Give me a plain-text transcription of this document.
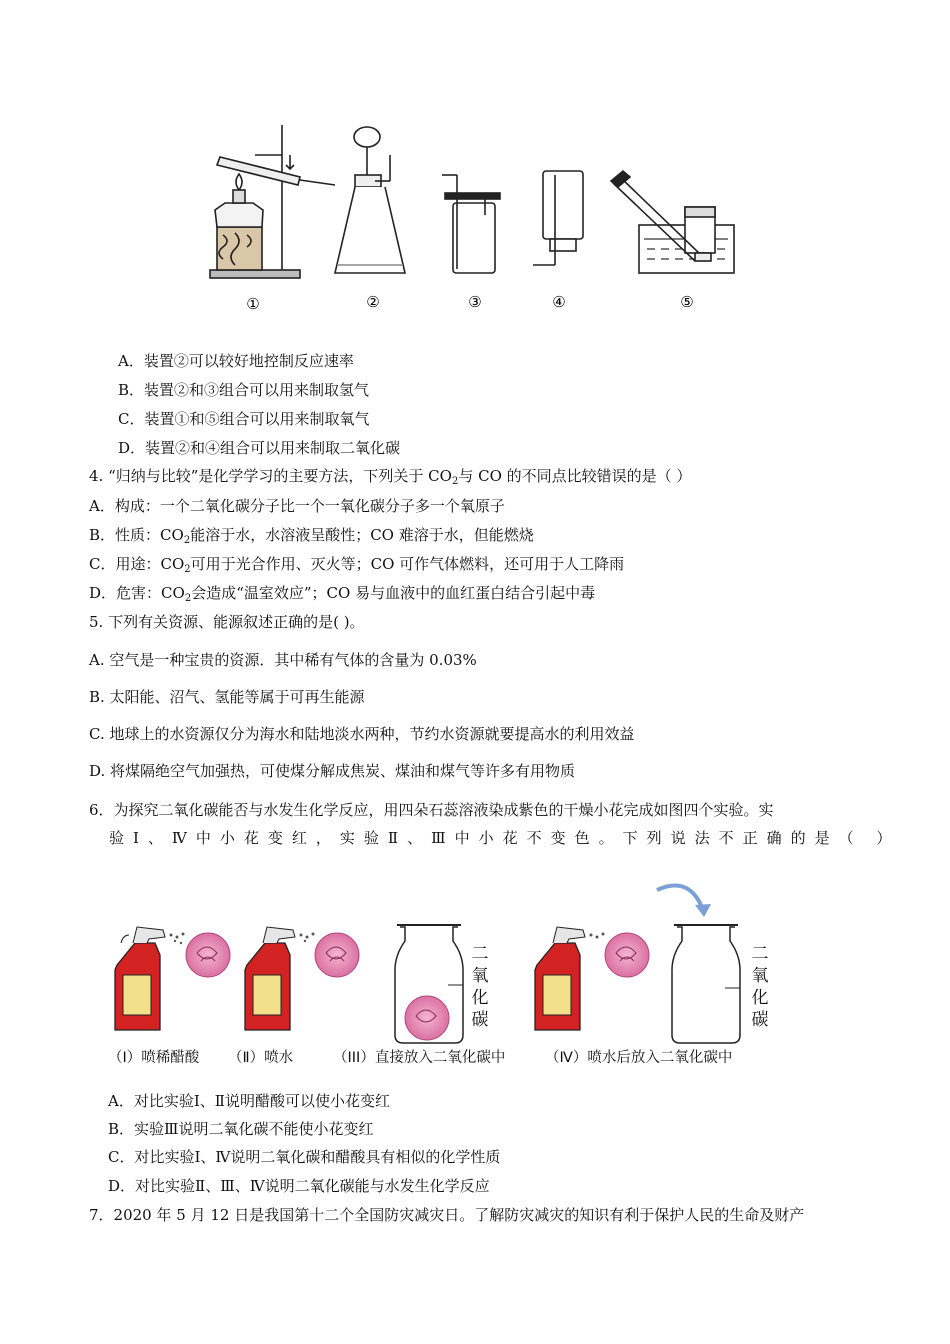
①	②	③	④	⑤
A．装置②可以较好地控制反应速率
B．装置②和③组合可以用来制取氢气
C．装置①和⑤组合可以用来制取氧气
D．装置②和④组合可以用来制取二氧化碳
4. “归纳与比较”是化学学习的主要方法，下列关于 $CO_2$与 CO 的不同点比较错误的是（ ）
A．构成：一个二氧化碳分子比一个一氧化碳分子多一个氧原子
B．性质：$CO_2$能溶于水，水溶液呈酸性；CO 难溶于水，但能燃烧
C．用途：$CO_2$可用于光合作用、灭火等；CO 可作气体燃料，还可用于人工降雨
D．危害：$CO_2$会造成“温室效应”；CO 易与血液中的血红蛋白结合引起中毒
5. 下列有关资源、能源叙述正确的是( )。
A. 空气是一种宝贵的资源．其中稀有气体的含量为 0.03%
B. 太阳能、沼气、氢能等属于可再生能源
C. 地球上的水资源仅分为海水和陆地淡水两种，节约水资源就要提高水的利用效益
D. 将煤隔绝空气加强热，可使煤分解成焦炭、煤油和煤气等许多有用物质
6．为探究二氧化碳能否与水发生化学反应，用四朵石蕊溶液染成紫色的干燥小花完成如图四个实验。实
验Ⅰ、Ⅳ中小花变红，实验Ⅱ、Ⅲ中小花不变色。下列说法不正确的是（ ）
二
氧
化
碳
二
氧
化
碳
（I）喷稀醋酸 （Ⅱ）喷水	（III）直接放入二氧化碳中	（Ⅳ）喷水后放入二氧化碳中
A．对比实验Ⅰ、Ⅱ说明醋酸可以使小花变红
B．实验Ⅲ说明二氧化碳不能使小花变红
C．对比实验Ⅰ、Ⅳ说明二氧化碳和醋酸具有相似的化学性质
D．对比实验Ⅱ、Ⅲ、Ⅳ说明二氧化碳能与水发生化学反应
7．2020 年 5 月 12 日是我国第十二个全国防灾减灾日。了解防灾减灾的知识有利于保护人民的生命及财产
